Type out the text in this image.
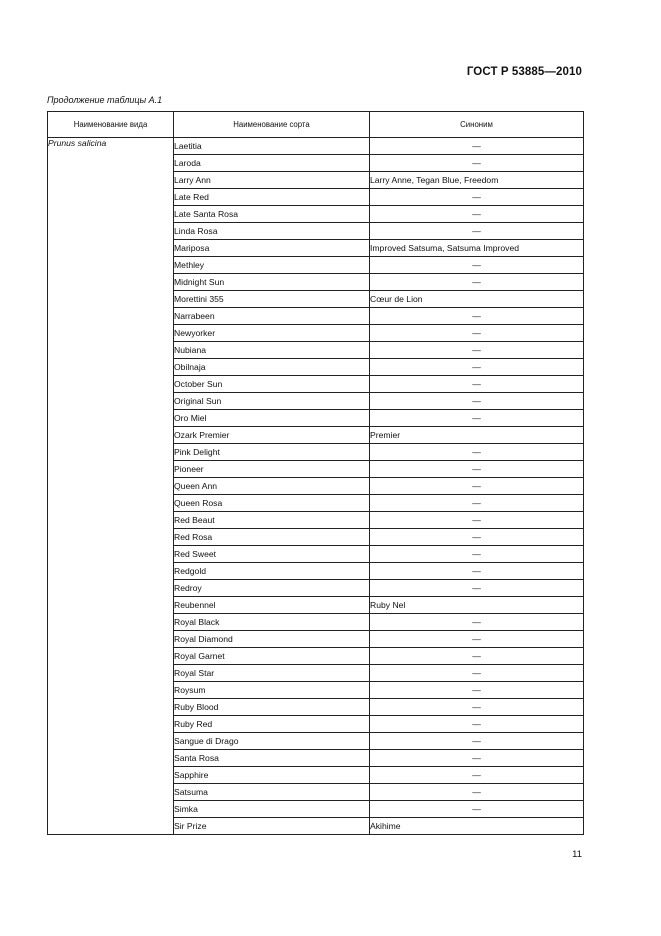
ГОСТ Р 53885—2010
Продолжение таблицы А.1
Наименование вида	Наименование сорта	Синоним
Prunus salicina	Laetitia	—
	Laroda	—
	Larry Ann	Larry Anne, Tegan Blue, Freedom
	Late Red	—
	Late Santa Rosa	—
	Linda Rosa	—
	Mariposa	Improved Satsuma, Satsuma Improved
	Methley	—
	Midnight Sun	—
	Morettini 355	Cœur de Lion
	Narrabeen	—
	Newyorker	—
	Nubiana	—
	Obilnaja	—
	October Sun	—
	Original Sun	—
	Oro Miel	—
	Ozark Premier	Premier
	Pink Delight	—
	Pioneer	—
	Queen Ann	—
	Queen Rosa	—
	Red Beaut	—
	Red Rosa	—
	Red Sweet	—
	Redgold	—
	Redroy	—
	Reubennel	Ruby Nel
	Royal Black	—
	Royal Diamond	—
	Royal Garnet	—
	Royal Star	—
	Roysum	—
	Ruby Blood	—
	Ruby Red	—
	Sangue di Drago	—
	Santa Rosa	—
	Sapphire	—
	Satsuma	—
	Simka	—
	Sir Prize	Akihime
11
